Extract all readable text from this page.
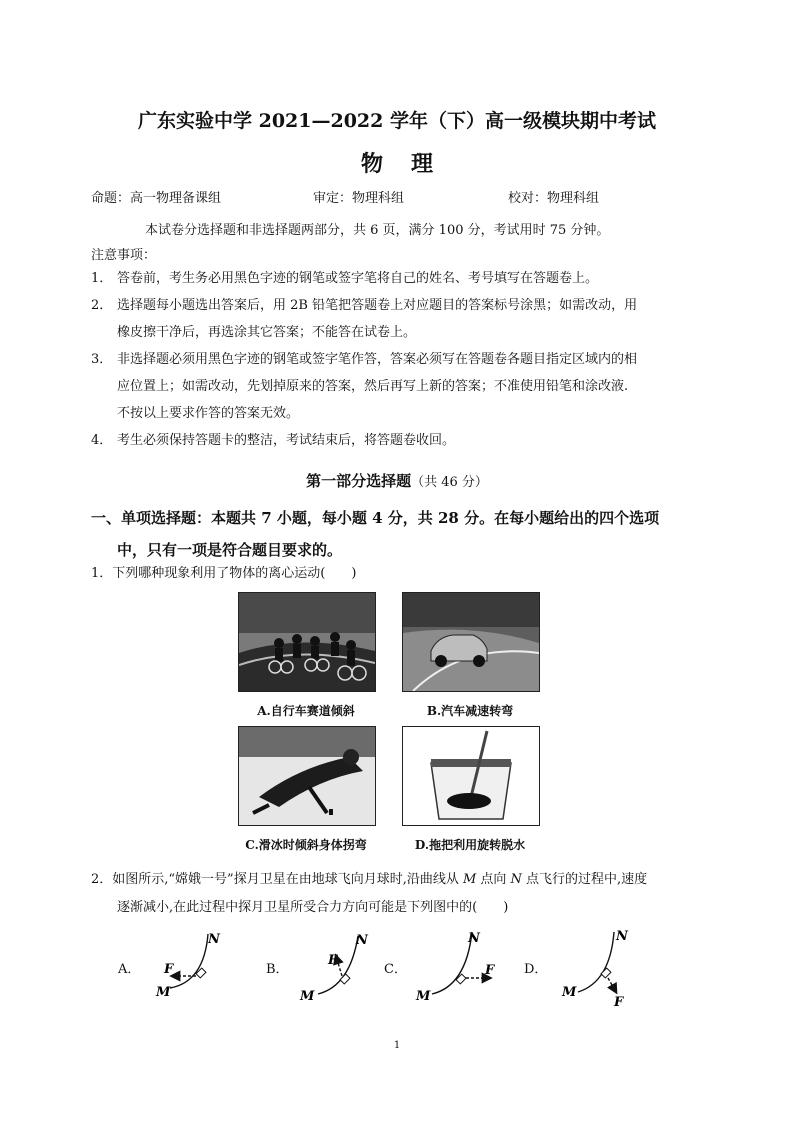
广东实验中学 2021—2022 学年（下）高一级模块期中考试
物理
命题：高一物理备课组	审定：物理科组	校对：物理科组
本试卷分选择题和非选择题两部分，共 6 页，满分 100 分，考试用时 75 分钟。
注意事项：
1． 答卷前，考生务必用黑色字迹的钢笔或签字笔将自己的姓名、考号填写在答题卷上。
2． 选择题每小题选出答案后，用 2B 铅笔把答题卷上对应题目的答案标号涂黑；如需改动，用
橡皮擦干净后，再选涂其它答案；不能答在试卷上。
3． 非选择题必须用黑色字迹的钢笔或签字笔作答，答案必须写在答题卷各题目指定区域内的相
应位置上；如需改动，先划掉原来的答案，然后再写上新的答案；不准使用铅笔和涂改液.
不按以上要求作答的答案无效。
4． 考生必须保持答题卡的整洁，考试结束后，将答题卷收回。
第一部分选择题（共 46 分）
一、单项选择题：本题共 7 小题，每小题 4 分，共 28 分。在每小题给出的四个选项
中，只有一项是符合题目要求的。
1．下列哪种现象利用了物体的离心运动(　　)
A.自行车赛道倾斜	B.汽车减速转弯
C.滑冰时倾斜身体拐弯	D.拖把利用旋转脱水
2．如图所示,“嫦娥一号”探月卫星在由地球飞向月球时,沿曲线从 M 点向 N 点飞行的过程中,速度
逐渐减小,在此过程中探月卫星所受合力方向可能是下列图中的(　　)
A．	B．	C．	D．
N
F
M
N
F
M
N
F
M
N
F
M
1
